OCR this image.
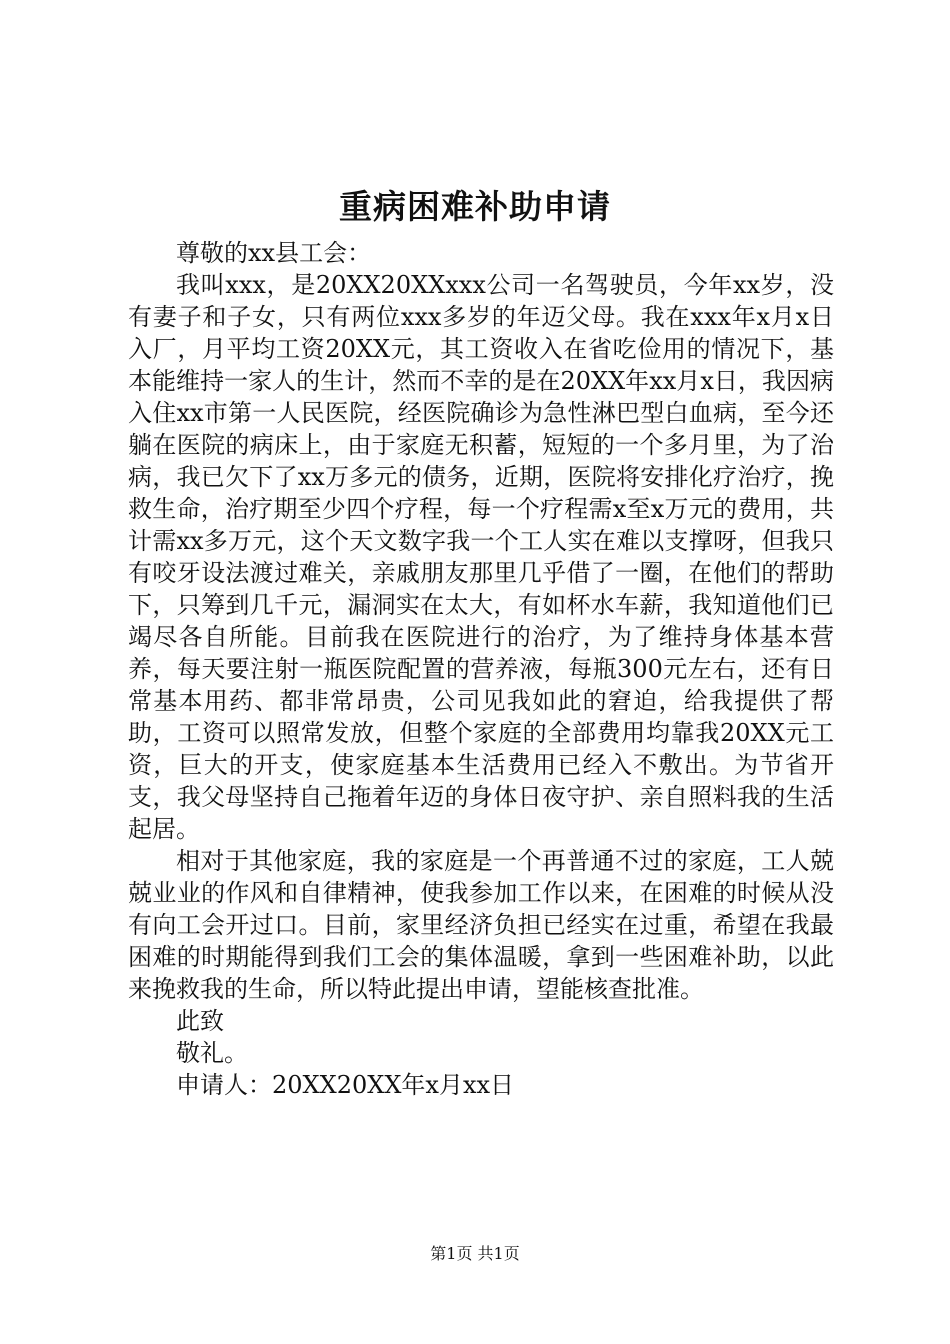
重病困难补助申请

尊敬的xx县工会：

我叫xxx，是20XX20XXxxx公司一名驾驶员，今年xx岁，没有妻子和子女，只有两位xxx多岁的年迈父母。我在xxx年x月x日入厂，月平均工资20XX元，其工资收入在省吃俭用的情况下，基本能维持一家人的生计，然而不幸的是在20XX年xx月x日，我因病入住xx市第一人民医院，经医院确诊为急性淋巴型白血病，至今还躺在医院的病床上，由于家庭无积蓄，短短的一个多月里，为了治病，我已欠下了xx万多元的债务，近期，医院将安排化疗治疗，挽救生命，治疗期至少四个疗程，每一个疗程需x至x万元的费用，共计需xx多万元，这个天文数字我一个工人实在难以支撑呀，但我只有咬牙设法渡过难关，亲戚朋友那里几乎借了一圈，在他们的帮助下，只筹到几千元，漏洞实在太大，有如杯水车薪，我知道他们已竭尽各自所能。目前我在医院进行的治疗，为了维持身体基本营养，每天要注射一瓶医院配置的营养液，每瓶300元左右，还有日常基本用药、都非常昂贵，公司见我如此的窘迫，给我提供了帮助，工资可以照常发放，但整个家庭的全部费用均靠我20XX元工资，巨大的开支，使家庭基本生活费用已经入不敷出。为节省开支，我父母坚持自己拖着年迈的身体日夜守护、亲自照料我的生活起居。

相对于其他家庭，我的家庭是一个再普通不过的家庭，工人兢兢业业的作风和自律精神，使我参加工作以来，在困难的时候从没有向工会开过口。目前，家里经济负担已经实在过重，希望在我最困难的时期能得到我们工会的集体温暖，拿到一些困难补助，以此来挽救我的生命，所以特此提出申请，望能核查批准。

此致

敬礼。

申请人：20XX20XX年x月xx日

第1页 共1页
